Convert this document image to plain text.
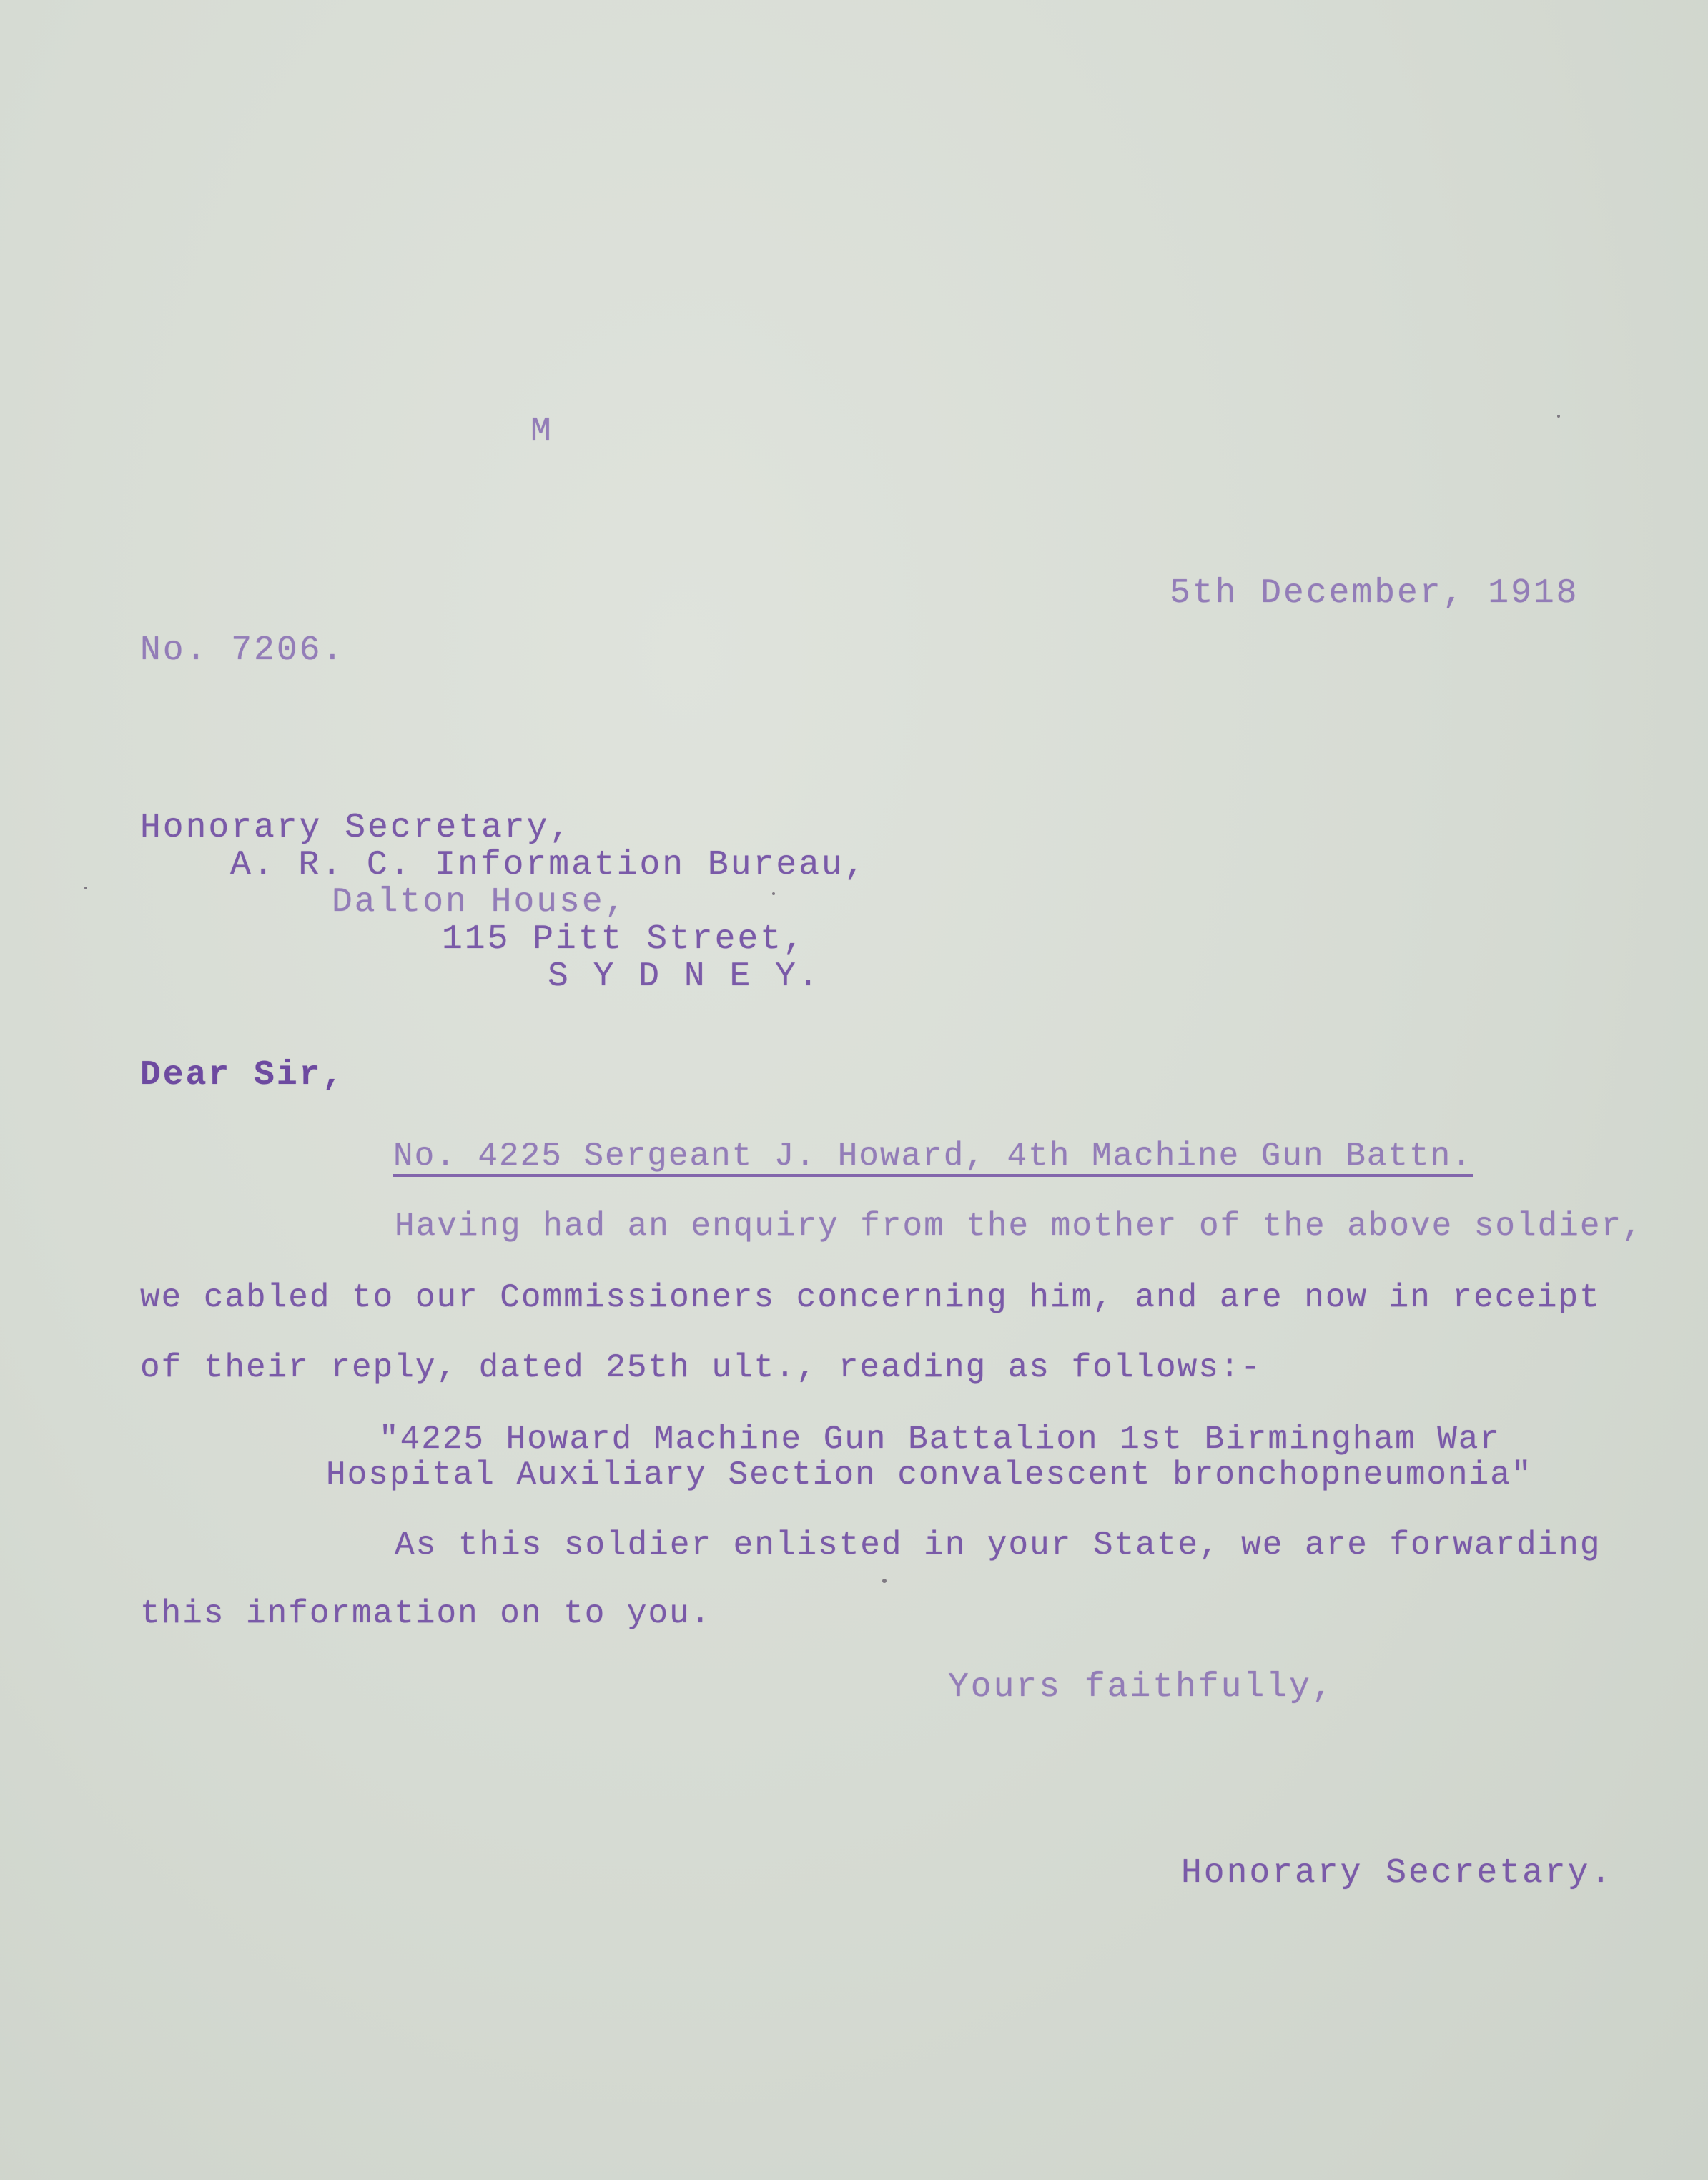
M
5th December, 1918
No. 7206.
Honorary Secretary,
A. R. C. Information Bureau,
Dalton House,
115 Pitt Street,
S Y D N E Y.
Dear Sir,
No. 4225 Sergeant J. Howard, 4th Machine Gun Battn.
Having had an enquiry from the mother of the above soldier,
we cabled to our Commissioners concerning him, and are now in receipt
of their reply, dated 25th ult., reading as follows:-
"4225 Howard Machine Gun Battalion 1st Birmingham War
Hospital Auxiliary Section convalescent bronchopneumonia"
As this soldier enlisted in your State, we are forwarding
this information on to you.
Yours faithfully,
Honorary Secretary.
